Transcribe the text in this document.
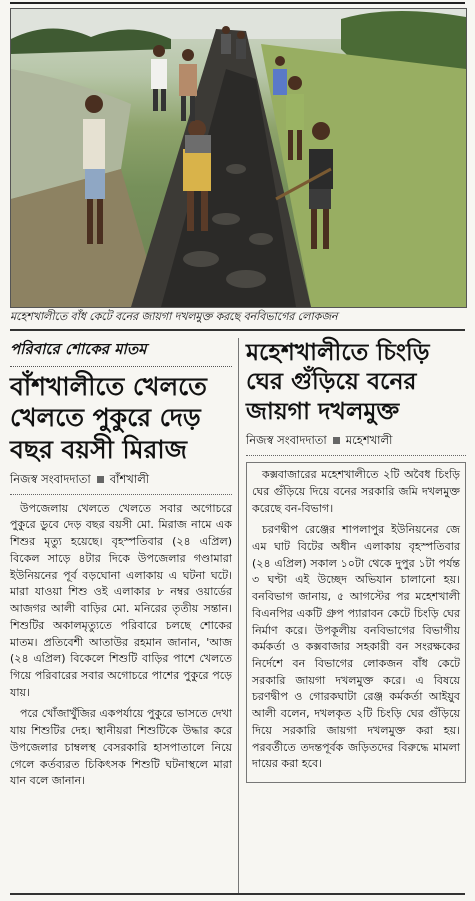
মহেশখালীতে বাঁধ কেটে বনের জায়গা দখলমুক্ত করছে বনবিভাগের লোকজন
পরিবারে শোকের মাতম
বাঁশখালীতে খেলতে খেলতে পুকুরে দেড় বছর বয়সী মিরাজ
নিজস্ব সংবাদদাতা বাঁশখালী

উপজেলায় খেলতে খেলতে সবার অগোচরে পুকুরে ডুবে দেড় বছর বয়সী মো. মিরাজ নামে এক শিশুর মৃত্যু হয়েছে। বৃহস্পতিবার (২৪ এপ্রিল) বিকেল সাড়ে ৪টার দিকে উপজেলার গণ্ডামারা ইউনিয়নের পূর্ব বড়ঘোনা এলাকায় এ ঘটনা ঘটে। মারা যাওয়া শিশু ওই এলাকার ৮ নম্বর ওয়ার্ডের আজগর আলী বাড়ির মো. মনিরের তৃতীয় সন্তান। শিশুটির অকালমৃত্যুতে পরিবারে চলছে শোকের মাতম। প্রতিবেশী আতাউর রহমান জানান, 'আজ (২৪ এপ্রিল) বিকেলে শিশুটি বাড়ির পাশে খেলতে গিয়ে পরিবারের সবার অগোচরে পাশের পুকুরে পড়ে যায়।

পরে খোঁজাখুঁজির একপর্যায়ে পুকুরে ভাসতে দেখা যায় শিশুটির দেহ। স্থানীয়রা শিশুটিকে উদ্ধার করে উপজেলার চাম্বলস্থ বেসরকারি হাসপাতালে নিয়ে গেলে কর্তব্যরত চিকিৎসক শিশুটি ঘটনাস্থলে মারা যান বলে জানান।

মহেশখালীতে চিংড়ি ঘের গুঁড়িয়ে বনের জায়গা দখলমুক্ত
নিজস্ব সংবাদদাতা মহেশখালী

কক্সবাজারের মহেশখালীতে ২টি অবৈধ চিংড়ি ঘের গুঁড়িয়ে দিয়ে বনের সরকারি জমি দখলমুক্ত করেছে বন-বিভাগ।

চরণদ্বীপ রেঞ্জের শাপলাপুর ইউনিয়নের জে এম ঘাট বিটের অধীন এলাকায় বৃহস্পতিবার (২৪ এপ্রিল) সকাল ১০টা থেকে দুপুর ১টা পর্যন্ত ৩ ঘণ্টা এই উচ্ছেদ অভিযান চালানো হয়। বনবিভাগ জানায়, ৫ আগস্টের পর মহেশখালী বিএনপির একটি গ্রুপ প্যারাবন কেটে চিংড়ি ঘের নির্মাণ করে। উপকূলীয় বনবিভাগের বিভাগীয় কর্মকর্তা ও কক্সবাজার সহকারী বন সংরক্ষকের নির্দেশে বন বিভাগের লোকজন বাঁধ কেটে সরকারি জায়গা দখলমুক্ত করে। এ বিষয়ে চরণদ্বীপ ও গোরকঘাটা রেঞ্জ কর্মকর্তা আইয়ুব আলী বলেন, দখলকৃত ২টি চিংড়ি ঘের গুঁড়িয়ে দিয়ে সরকারি জায়গা দখলমুক্ত করা হয়। পরবর্তীতে তদন্তপূর্বক জড়িতদের বিরুদ্ধে মামলা দায়ের করা হবে।
